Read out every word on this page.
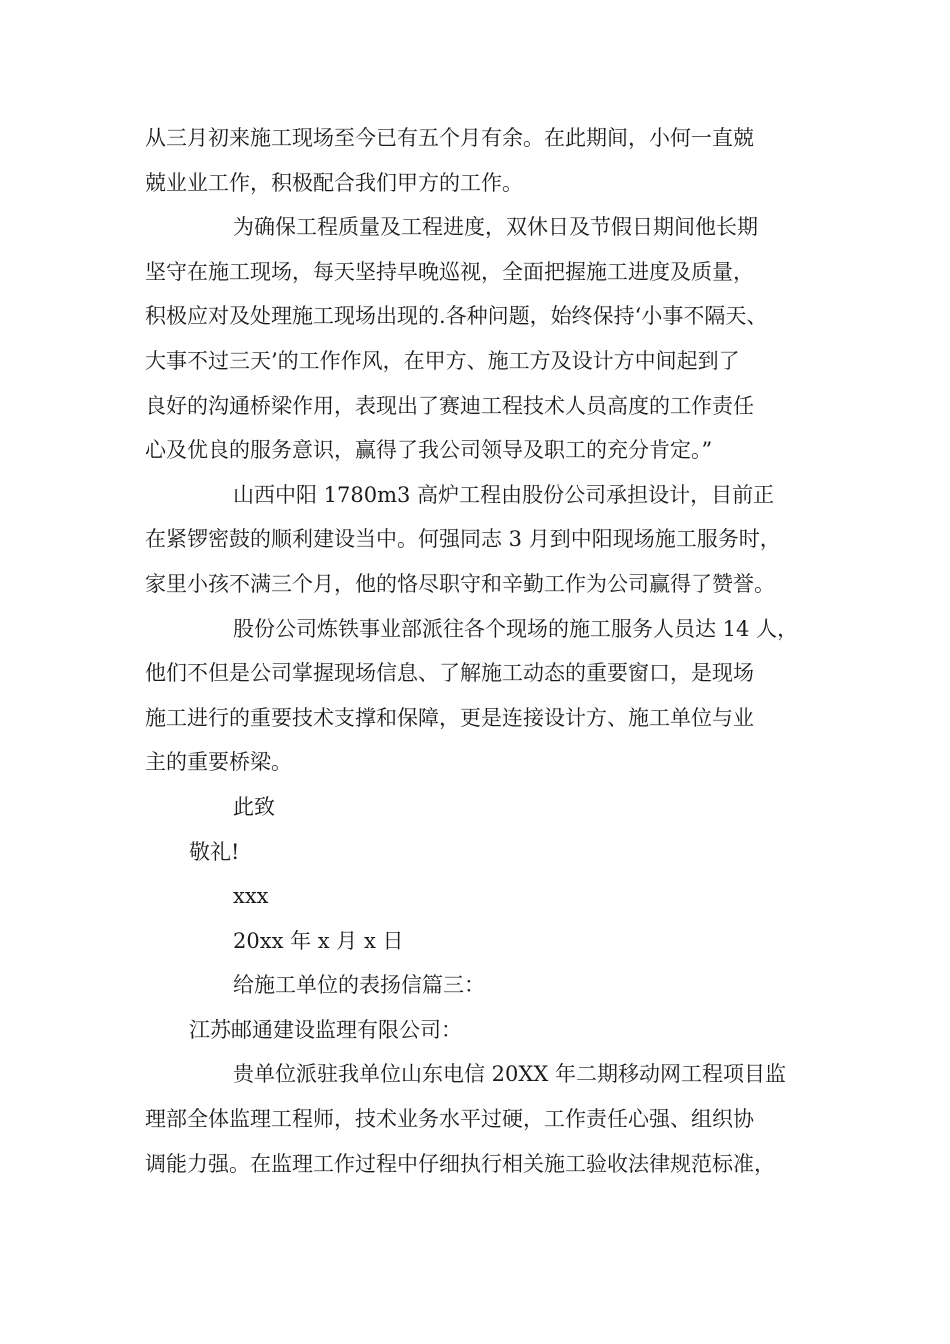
从三月初来施工现场至今已有五个月有余。在此期间，小何一直兢
兢业业工作，积极配合我们甲方的工作。
为确保工程质量及工程进度，双休日及节假日期间他长期
坚守在施工现场，每天坚持早晚巡视，全面把握施工进度及质量，
积极应对及处理施工现场出现的.各种问题，始终保持‘小事不隔天、
大事不过三天’的工作作风，在甲方、施工方及设计方中间起到了
良好的沟通桥梁作用，表现出了赛迪工程技术人员高度的工作责任
心及优良的服务意识，赢得了我公司领导及职工的充分肯定。”
山西中阳 1780m3 高炉工程由股份公司承担设计，目前正
在紧锣密鼓的顺利建设当中。何强同志 3 月到中阳现场施工服务时，
家里小孩不满三个月，他的恪尽职守和辛勤工作为公司赢得了赞誉。
股份公司炼铁事业部派往各个现场的施工服务人员达 14 人，
他们不但是公司掌握现场信息、了解施工动态的重要窗口，是现场
施工进行的重要技术支撑和保障，更是连接设计方、施工单位与业
主的重要桥梁。
此致
敬礼!
xxx
20xx 年 x 月 x 日
给施工单位的表扬信篇三：
江苏邮通建设监理有限公司：
贵单位派驻我单位山东电信 20XX 年二期移动网工程项目监
理部全体监理工程师，技术业务水平过硬，工作责任心强、组织协
调能力强。在监理工作过程中仔细执行相关施工验收法律规范标准，
